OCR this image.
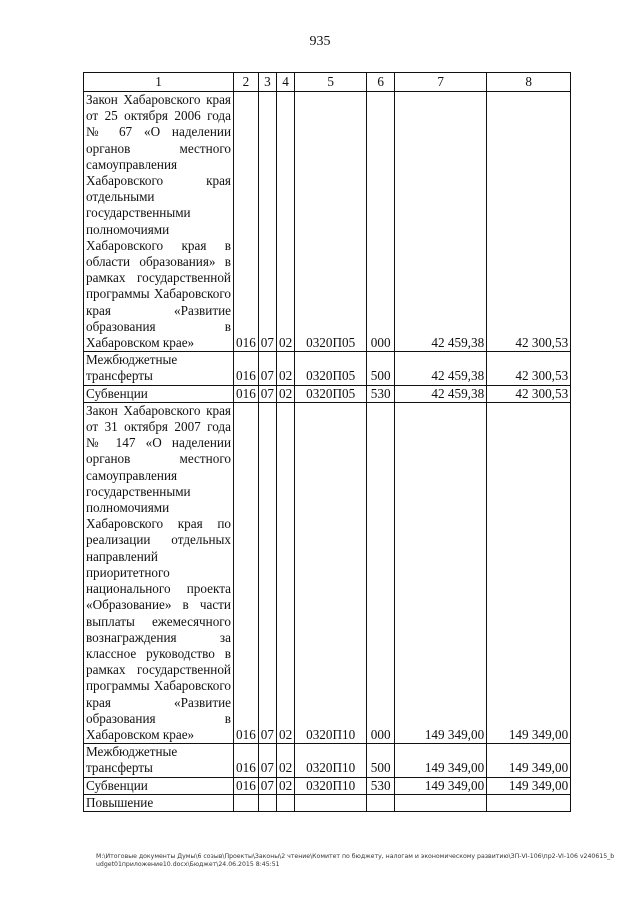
935
1	2	3	4	5	6	7	8
Закон Хабаровского края от 25 октября 2006 года № 67 «О наделении органов местного самоуправления Хабаровского края отдельными государственными полномочиями Хабаровского края в области образования» в рамках государственной программы Хабаровского края «Развитие образования в Хабаровском крае»	016	07	02	0320П05	000	42 459,38	42 300,53
Межбюджетные трансферты	016	07	02	0320П05	500	42 459,38	42 300,53
Субвенции	016	07	02	0320П05	530	42 459,38	42 300,53
Закон Хабаровского края от 31 октября 2007 года № 147 «О наделении органов местного самоуправления государственными полномочиями Хабаровского края по реализации отдельных направлений приоритетного национального проекта «Образование» в части выплаты ежемесячного вознаграждения за классное руководство в рамках государственной программы Хабаровского края «Развитие образования в Хабаровском крае»	016	07	02	0320П10	000	149 349,00	149 349,00
Межбюджетные трансферты	016	07	02	0320П10	500	149 349,00	149 349,00
Субвенции	016	07	02	0320П10	530	149 349,00	149 349,00
Повышение							
M:\Итоговые документы Думы\6 созыв\Проекты\Законы\2 чтение\Комитет по бюджету, налогам и экономическому развитию\ЗП-VI-106\пр2-VI-106 v240615_budget01приложение10.docx\Бюджет\24.06.2015 8:45:51
